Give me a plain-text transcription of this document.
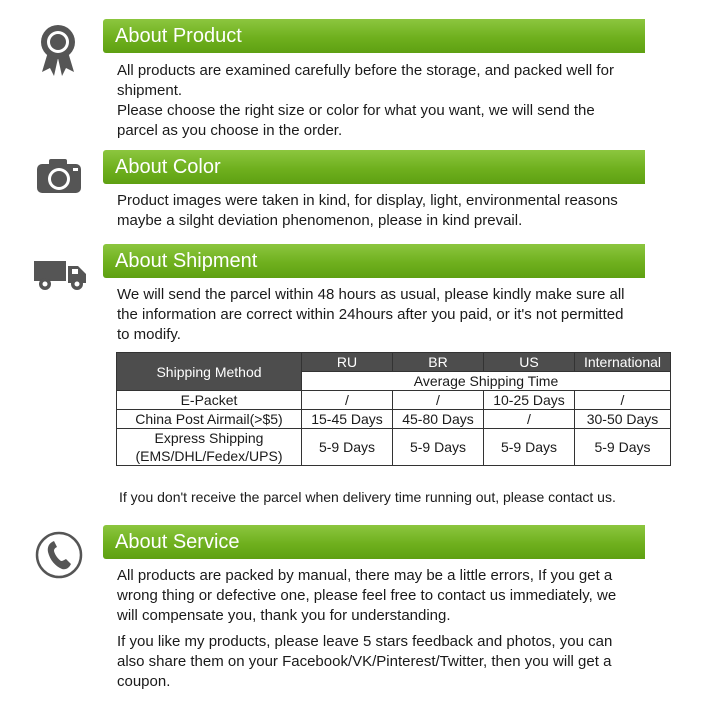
About Product

All products are examined carefully before the storage, and packed well for

shipment.

Please choose the right size or color for what you want, we will send the

parcel as you choose in the order.

About Color

Product images were taken in kind, for display, light, environmental reasons

maybe a silght deviation phenomenon, please in kind prevail.

About Shipment

We will send the parcel within 48 hours as usual, please kindly make sure all

the information are correct within 24hours after you paid, or it's not permitted

to modify.

Shipping Method	RU	BR	US	International
	Average Shipping Time			
E-Packet	/	/	10-25 Days	/
China Post Airmail(>$5)	15-45 Days	45-80 Days	/	30-50 Days

Express Shipping
(EMS/DHL/Fedex/UPS)	5-9 Days	5-9 Days	5-9 Days	5-9 Days
If you don't receive the parcel when delivery time running out, please contact us.
About Service

All products are packed by manual, there may be a little errors, If you get a

wrong thing or defective one, please feel free to contact us immediately, we

will compensate you, thank you for understanding.

If you like my products, please leave 5 stars feedback and photos, you can

also share them on your Facebook/VK/Pinterest/Twitter, then you will get a

coupon.
